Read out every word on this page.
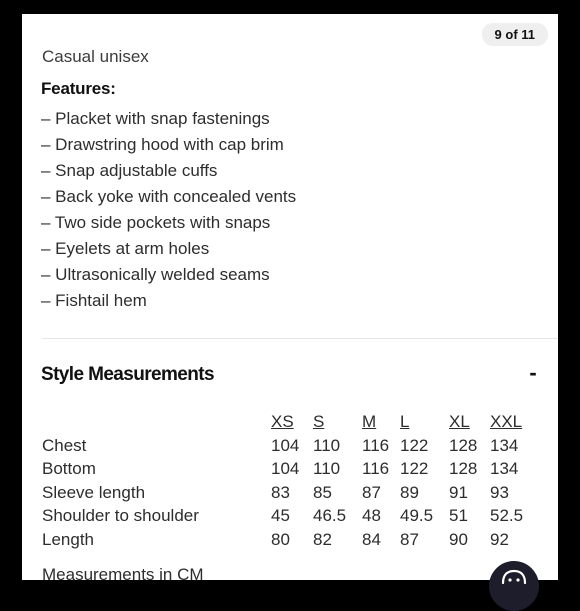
9 of 11
Casual unisex
Features:
– Placket with snap fastenings
– Drawstring hood with cap brim
– Snap adjustable cuffs
– Back yoke with concealed vents
– Two side pockets with snaps
– Eyelets at arm holes
– Ultrasonically welded seams
– Fishtail hem
Style Measurements	-
XS S M L XL XXL
Chest	104 110 116 122 128 134
Bottom	104 110 116 122 128 134
Sleeve length	83 85 87 89 91 93
Shoulder to shoulder	45 46.5 48 49.5 51 52.5
Length	80 82 84 87 90 92
Measurements in CM
